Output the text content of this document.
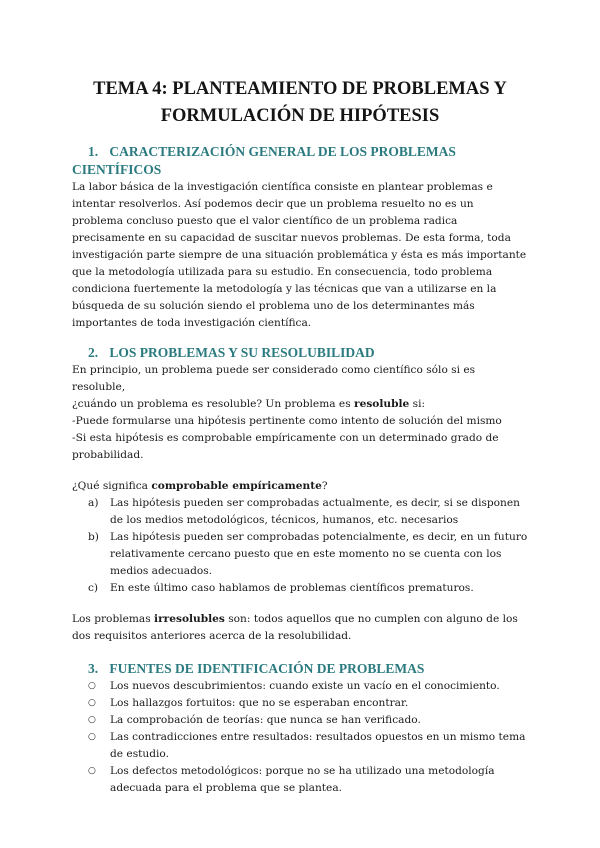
TEMA 4: PLANTEAMIENTO DE PROBLEMAS Y
FORMULACIÓN DE HIPÓTESIS
1. CARACTERIZACIÓN GENERAL DE LOS PROBLEMAS CIENTÍFICOS

La labor básica de la investigación científica consiste en plantear problemas e intentar resolverlos. Así podemos decir que un problema resuelto no es un problema concluso puesto que el valor científico de un problema radica precisamente en su capacidad de suscitar nuevos problemas. De esta forma, toda investigación parte siempre de una situación problemática y ésta es más importante que la metodología utilizada para su estudio. En consecuencia, todo problema condiciona fuertemente la metodología y las técnicas que van a utilizarse en la búsqueda de su solución siendo el problema uno de los determinantes más importantes de toda investigación científica.

2. LOS PROBLEMAS Y SU RESOLUBILIDAD

En principio, un problema puede ser considerado como científico sólo si es resoluble,
¿cuándo un problema es resoluble? Un problema es resoluble si:

-Puede formularse una hipótesis pertinente como intento de solución del mismo

-Si esta hipótesis es comprobable empíricamente con un determinado grado de probabilidad.

¿Qué significa comprobable empíricamente?

a) Las hipótesis pueden ser comprobadas actualmente, es decir, si se disponen de los medios metodológicos, técnicos, humanos, etc. necesarios
b) Las hipótesis pueden ser comprobadas potencialmente, es decir, en un futuro relativamente cercano puesto que en este momento no se cuenta con los medios adecuados.
c) En este último caso hablamos de problemas científicos prematuros.

Los problemas irresolubles son: todos aquellos que no cumplen con alguno de los dos requisitos anteriores acerca de la resolubilidad.

3. FUENTES DE IDENTIFICACIÓN DE PROBLEMAS
○ Los nuevos descubrimientos: cuando existe un vacío en el conocimiento.
○ Los hallazgos fortuitos: que no se esperaban encontrar.
○ La comprobación de teorías: que nunca se han verificado.
○ Las contradicciones entre resultados: resultados opuestos en un mismo tema de estudio.
○ Los defectos metodológicos: porque no se ha utilizado una metodología adecuada para el problema que se plantea.
